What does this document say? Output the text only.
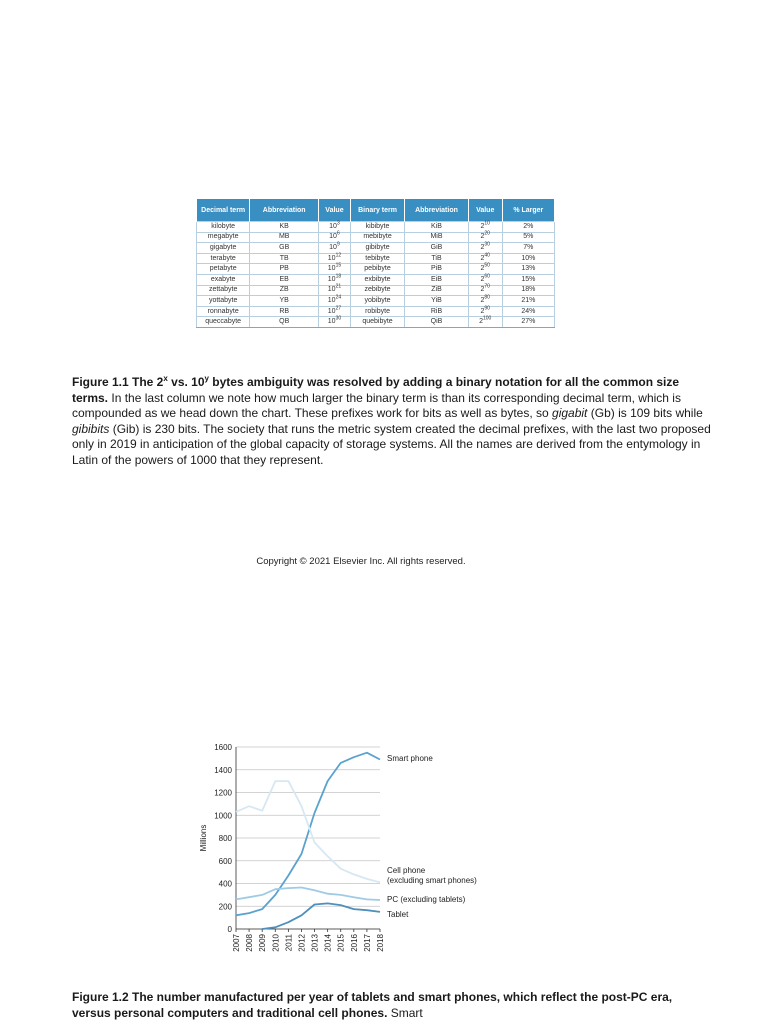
Decimal term	Abbreviation	Value	Binary term	Abbreviation	Value	% Larger
kilobyte	KB	$10^3$	kibibyte	KiB	$2^{10}$	2%
megabyte	MB	$10^6$	mebibyte	MiB	$2^{20}$	5%
gigabyte	GB	$10^9$	gibibyte	GiB	$2^{30}$	7%
terabyte	TB	$10^{12}$	tebibyte	TiB	$2^{40}$	10%
petabyte	PB	$10^{15}$	pebibyte	PiB	$2^{50}$	13%
exabyte	EB	$10^{18}$	exbibyte	EiB	$2^{60}$	15%
zettabyte	ZB	$10^{21}$	zebibyte	ZiB	$2^{70}$	18%
yottabyte	YB	$10^{24}$	yobibyte	YiB	$2^{80}$	21%
ronnabyte	RB	$10^{27}$	robibyte	RiB	$2^{90}$	24%
queccabyte	QB	$10^{30}$	quebibyte	QiB	$2^{100}$	27%

Figure 1.1 The 2$^x$ vs. 10$^y$ bytes ambiguity was resolved by adding a binary notation for all the common size terms. In the last column we note how much larger the binary term is than its corresponding decimal term, which is compounded as we head down the chart. These prefixes work for bits as well as bytes, so gigabit (Gb) is 109 bits while gibibits (Gib) is 230 bits. The society that runs the metric system created the decimal prefixes, with the last two proposed only in 2019 in anticipation of the global capacity of storage systems. All the names are derived from the entymology in Latin of the powers of 1000 that they represent.

Copyright © 2021 Elsevier Inc. All rights reserved.
0
200
400
600
800
1000
1200
1400
1600
2007 2008 2009 2010 2011 2012 2013 2014 2015 2016 2017 2018
Smart phone
Cell phone (excluding smart phones)
PC (excluding tablets)
Tablet
Millions

Figure 1.2 The number manufactured per year of tablets and smart phones, which reflect the post-PC era, versus personal computers and traditional cell phones. Smart
